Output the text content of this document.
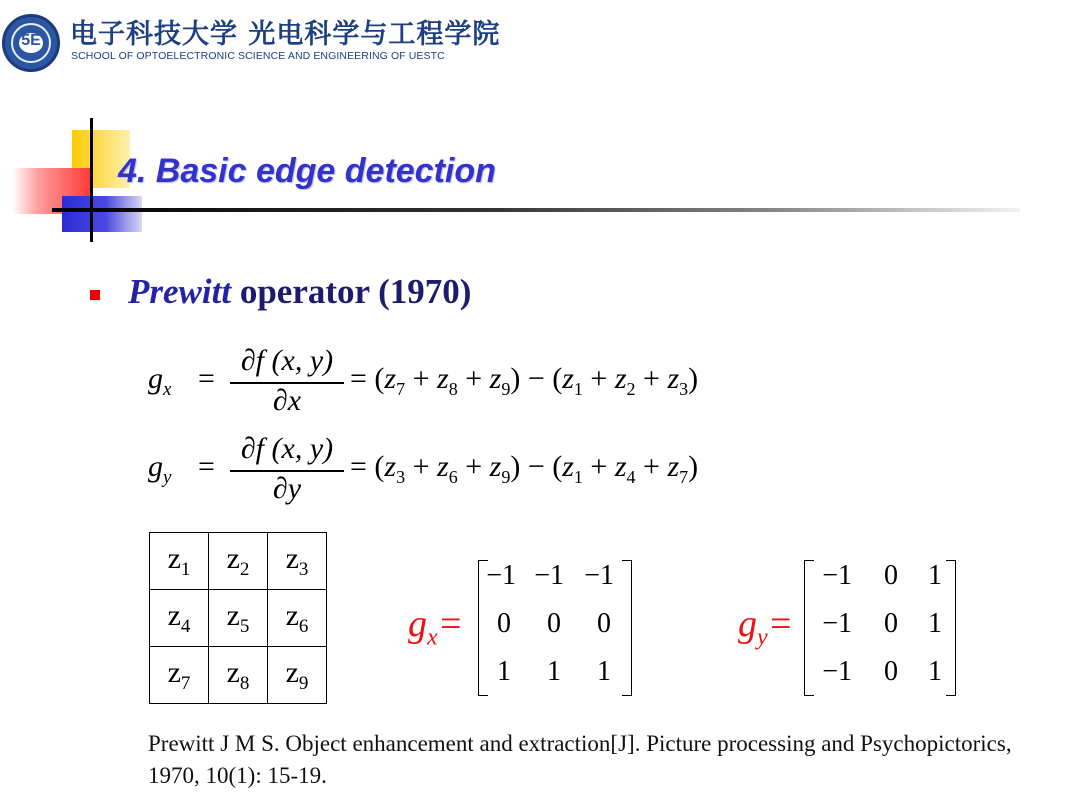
5E	电子科技大学 光电科学与工程学院
SCHOOL OF OPTOELECTRONIC SCIENCE AND ENGINEERING OF UESTC
4. Basic edge detection
Prewitt operator (1970)
$g_x$ =
∂f (x, y)
∂x
= $(z_7 + z_8 + z_9) - (z_1 + z_2 + z_3)$
$g_y$ =
∂f (x, y)
∂y
= $(z_3 + z_6 + z_9) - (z_1 + z_4 + z_7)$
$z_1$	$z_2$	$z_3$
$z_4$	$z_5$	$z_6$
$z_7$	$z_8$	$z_9$
$g_x=$
−1 −1 −1
0	0	0
1	1	1
$g_y=$
−1	0	1
−1	0	1
−1	0	1
Prewitt J M S. Object enhancement and extraction[J]. Picture processing and Psychopictorics, 1970, 10(1): 15-19.
